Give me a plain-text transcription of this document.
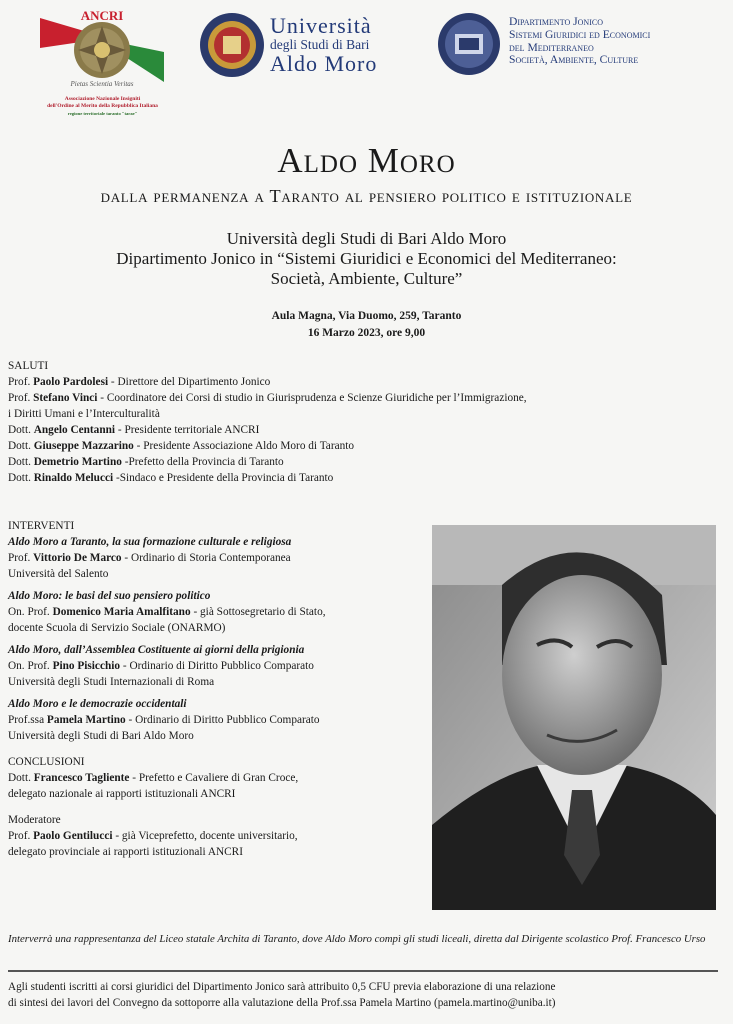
ANCRI
Pietas Scientia Veritas
Associazione Nazionale Insigniti
dell'Ordine al Merito della Repubblica Italiana
regione territoriale taranto "tarae"
Università
degli Studi di Bari
Aldo Moro
Dipartimento Jonico
Sistemi Giuridici ed Economici
del Mediterraneo
Società, Ambiente, Culture
Aldo Moro
dalla permanenza a Taranto al pensiero politico e istituzionale
Università degli Studi di Bari Aldo Moro
Dipartimento Jonico in “Sistemi Giuridici e Economici del Mediterraneo:
Società, Ambiente, Culture”
Aula Magna, Via Duomo, 259, Taranto
16 Marzo 2023, ore 9,00
SALUTI
Prof. Paolo Pardolesi - Direttore del Dipartimento Jonico
Prof. Stefano Vinci - Coordinatore dei Corsi di studio in Giurisprudenza e Scienze Giuridiche per l’Immigrazione,
i Diritti Umani e l’Interculturalità
Dott. Angelo Centanni - Presidente territoriale ANCRI
Dott. Giuseppe Mazzarino - Presidente Associazione Aldo Moro di Taranto
Dott. Demetrio Martino -Prefetto della Provincia di Taranto
Dott. Rinaldo Melucci -Sindaco e Presidente della Provincia di Taranto
INTERVENTI
Aldo Moro a Taranto, la sua formazione culturale e religiosa
Prof. Vittorio De Marco - Ordinario di Storia Contemporanea
Università del Salento
Aldo Moro: le basi del suo pensiero politico
On. Prof. Domenico Maria Amalfitano - già Sottosegretario di Stato,
docente Scuola di Servizio Sociale (ONARMO)
Aldo Moro, dall’Assemblea Costituente ai giorni della prigionia
On. Prof. Pino Pisicchio - Ordinario di Diritto Pubblico Comparato
Università degli Studi Internazionali di Roma
Aldo Moro e le democrazie occidentali
Prof.ssa Pamela Martino - Ordinario di Diritto Pubblico Comparato
Università degli Studi di Bari Aldo Moro
CONCLUSIONI
Dott. Francesco Tagliente - Prefetto e Cavaliere di Gran Croce,
delegato nazionale ai rapporti istituzionali ANCRI
Moderatore
Prof. Paolo Gentilucci - già Viceprefetto, docente universitario,
delegato provinciale ai rapporti istituzionali ANCRI
Interverrà una rappresentanza del Liceo statale Archita di Taranto, dove Aldo Moro compì gli studi liceali, diretta dal Dirigente scolastico Prof. Francesco Urso
Agli studenti iscritti ai corsi giuridici del Dipartimento Jonico sarà attribuito 0,5 CFU previa elaborazione di una relazione
di sintesi dei lavori del Convegno da sottoporre alla valutazione della Prof.ssa Pamela Martino (pamela.martino@uniba.it)
